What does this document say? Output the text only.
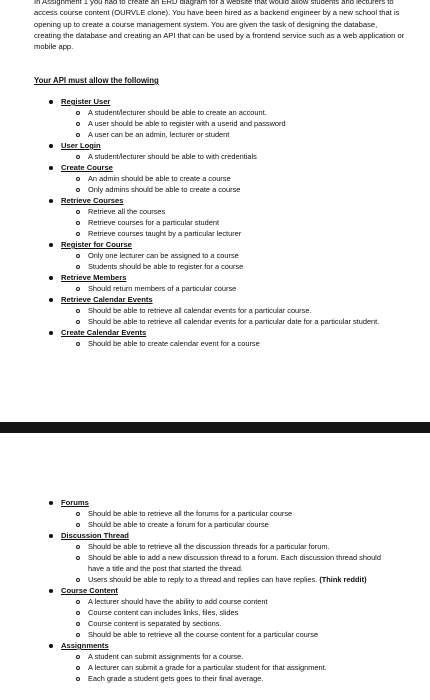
In Assignment 1 you had to create an ERD diagram for a website that would allow students and lecturers to access course content (OURVLE clone). You have been hired as a backend engineer by a new school that is opening up to create a course management system. You are given the task of designing the database, creating the database and creating an API that can be used by a frontend service such as a web application or mobile app.

Your API must allow the following

Register User
A student/lecturer should be able to create an account.
A user should be able to register with a userid and password
A user can be an admin, lecturer or student
User Login
A student/lecturer should be able to with credentials
Create Course
An admin should be able to create a course
Only admins should be able to create a course
Retrieve Courses
Retrieve all the courses
Retrieve courses for a particular student
Retrieve courses taught by a particular lecturer
Register for Course
Only one lecturer can be assigned to a course
Students should be able to register for a course
Retrieve Members
Should return members of a particular course
Retrieve Calendar Events
Should be able to retrieve all calendar events for a particular course.
Should be able to retrieve all calendar events for a particular date for a particular student.
Create Calendar Events
Should be able to create calendar event for a course
Forums
Should be able to retrieve all the forums for a particular course
Should be able to create a forum for a particular course
Discussion Thread
Should be able to retrieve all the discussion threads for a particular forum.
Should be able to add a new discussion thread to a forum. Each discussion thread should have a title and the post that started the thread.
Users should be able to reply to a thread and replies can have replies. (Think reddit)
Course Content
A lecturer should have the ability to add course content
Course content can includes links, files, slides
Course content is separated by sections.
Should be able to retrieve all the course content for a particular course
Assignments
A student can submit assignments for a course.
A lecturer can submit a grade for a particular student for that assignment.
Each grade a student gets goes to their final average.
